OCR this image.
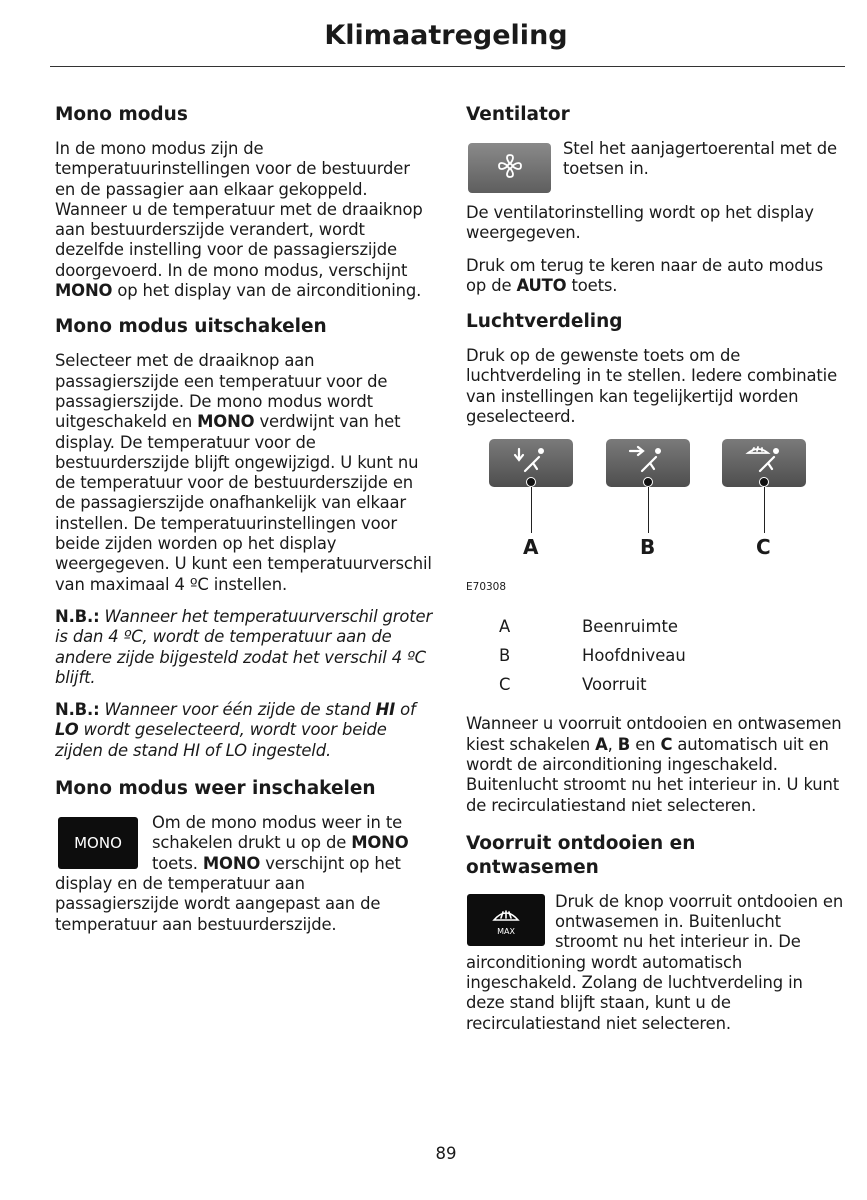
Klimaatregeling
Mono modus

In de mono modus zijn de temperatuurinstellingen voor de bestuurder en de passagier aan elkaar gekoppeld. Wanneer u de temperatuur met de draaiknop aan bestuurderszijde verandert, wordt dezelfde instelling voor de passagierszijde doorgevoerd. In de mono modus, verschijnt MONO op het display van de airconditioning.

Mono modus uitschakelen

Selecteer met de draaiknop aan passagierszijde een temperatuur voor de passagierszijde. De mono modus wordt uitgeschakeld en MONO verdwijnt van het display. De temperatuur voor de bestuurderszijde blijft ongewijzigd. U kunt nu de temperatuur voor de bestuurderszijde en de passagierszijde onafhankelijk van elkaar instellen. De temperatuurinstellingen voor beide zijden worden op het display weergegeven. U kunt een temperatuurverschil van maximaal 4 ºC instellen.

N.B.: Wanneer het temperatuurverschil groter is dan 4 ºC, wordt de temperatuur aan de andere zijde bijgesteld zodat het verschil 4 ºC blijft.

N.B.: Wanneer voor één zijde de stand HI of LO wordt geselecteerd, wordt voor beide zijden de stand HI of LO ingesteld.

Mono modus weer inschakelen
MONO

Om de mono modus weer in te schakelen drukt u op de MONO toets. MONO verschijnt op het display en de temperatuur aan passagierszijde wordt aangepast aan de temperatuur aan bestuurderszijde.

Ventilator

Stel het aanjagertoerental met de toetsen in.

De ventilatorinstelling wordt op het display weergegeven.

Druk om terug te keren naar de auto modus op de AUTO toets.

Luchtverdeling

Druk op de gewenste toets om de luchtverdeling in te stellen. Iedere combinatie van instellingen kan tegelijkertijd worden geselecteerd.

A	B	C
E70308
A	Beenruimte
B	Hoofdniveau
C	Voorruit

Wanneer u voorruit ontdooien en ontwasemen kiest schakelen A, B en C automatisch uit en wordt de airconditioning ingeschakeld. Buitenlucht stroomt nu het interieur in. U kunt de recirculatiestand niet selecteren.

Voorruit ontdooien en ontwasemen
MAX

Druk de knop voorruit ontdooien en ontwasemen in. Buitenlucht stroomt nu het interieur in. De airconditioning wordt automatisch ingeschakeld. Zolang de luchtverdeling in deze stand blijft staan, kunt u de recirculatiestand niet selecteren.

89
